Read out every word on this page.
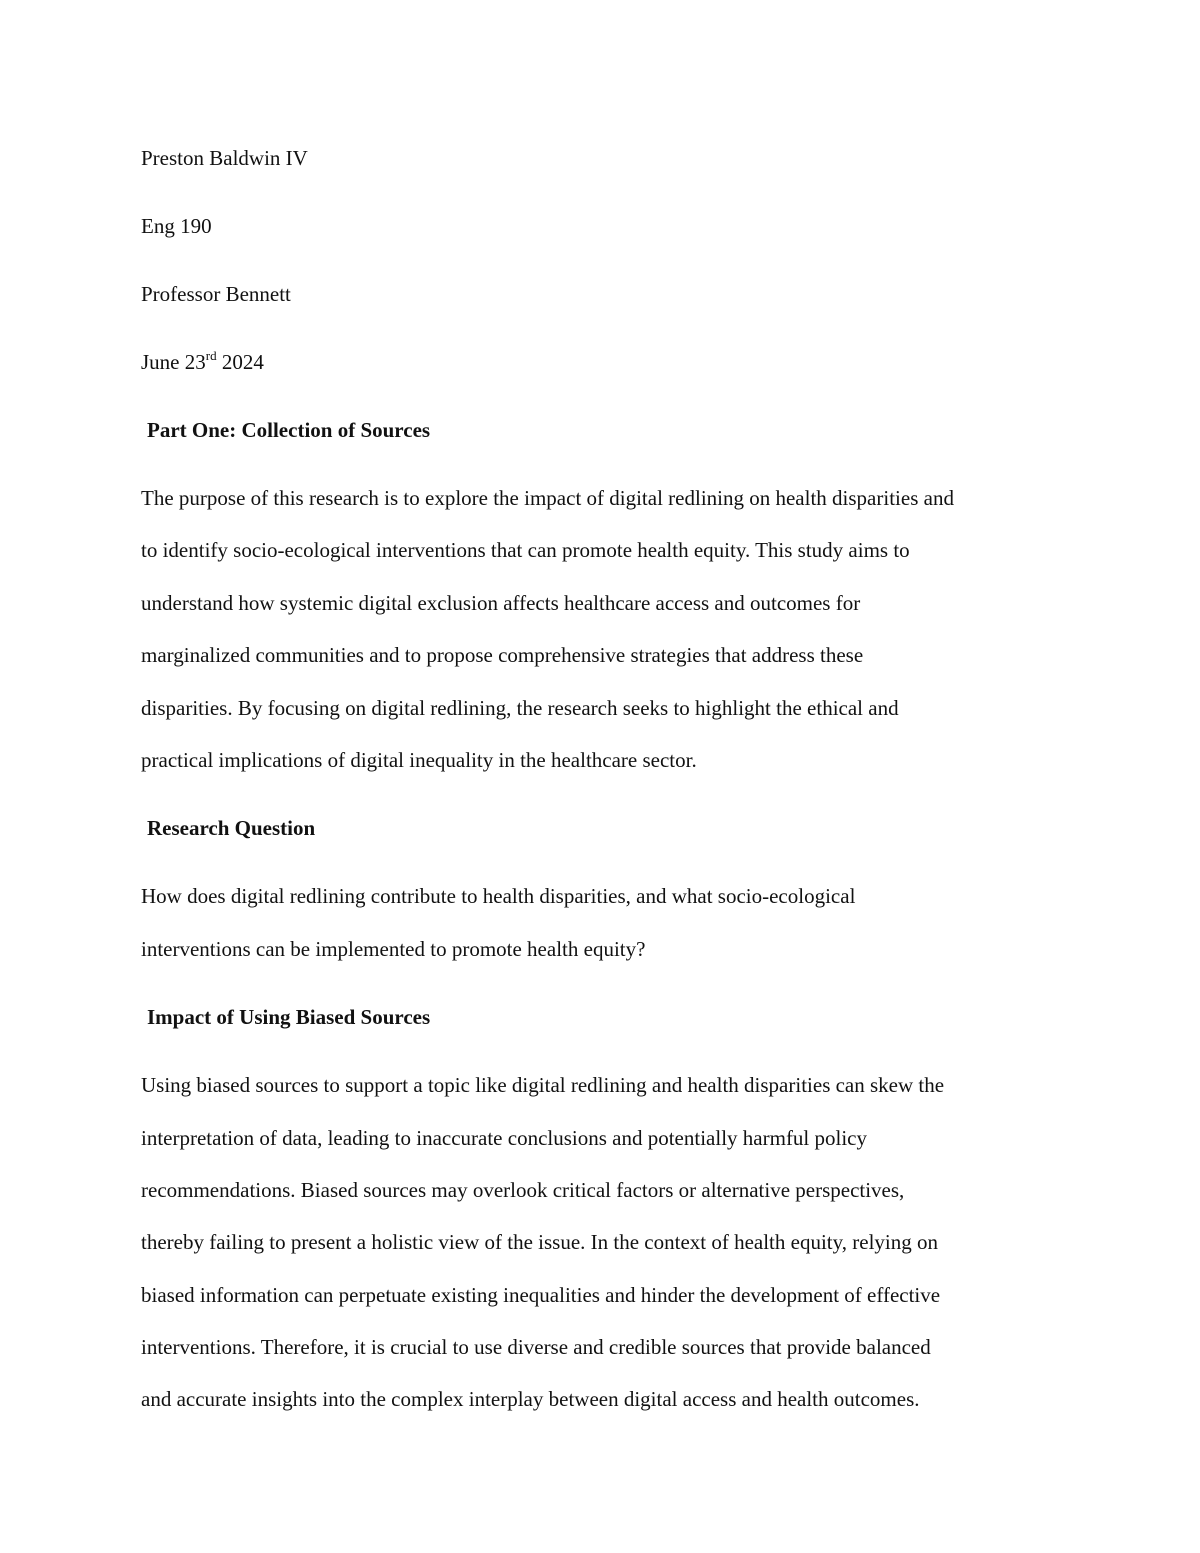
Preston Baldwin IV

Eng 190

Professor Bennett

June 23rd 2024

Part One: Collection of Sources

The purpose of this research is to explore the impact of digital redlining on health disparities and

to identify socio-ecological interventions that can promote health equity. This study aims to

understand how systemic digital exclusion affects healthcare access and outcomes for

marginalized communities and to propose comprehensive strategies that address these

disparities. By focusing on digital redlining, the research seeks to highlight the ethical and

practical implications of digital inequality in the healthcare sector.

Research Question

How does digital redlining contribute to health disparities, and what socio-ecological

interventions can be implemented to promote health equity?

Impact of Using Biased Sources

Using biased sources to support a topic like digital redlining and health disparities can skew the

interpretation of data, leading to inaccurate conclusions and potentially harmful policy

recommendations. Biased sources may overlook critical factors or alternative perspectives,

thereby failing to present a holistic view of the issue. In the context of health equity, relying on

biased information can perpetuate existing inequalities and hinder the development of effective

interventions. Therefore, it is crucial to use diverse and credible sources that provide balanced

and accurate insights into the complex interplay between digital access and health outcomes.
